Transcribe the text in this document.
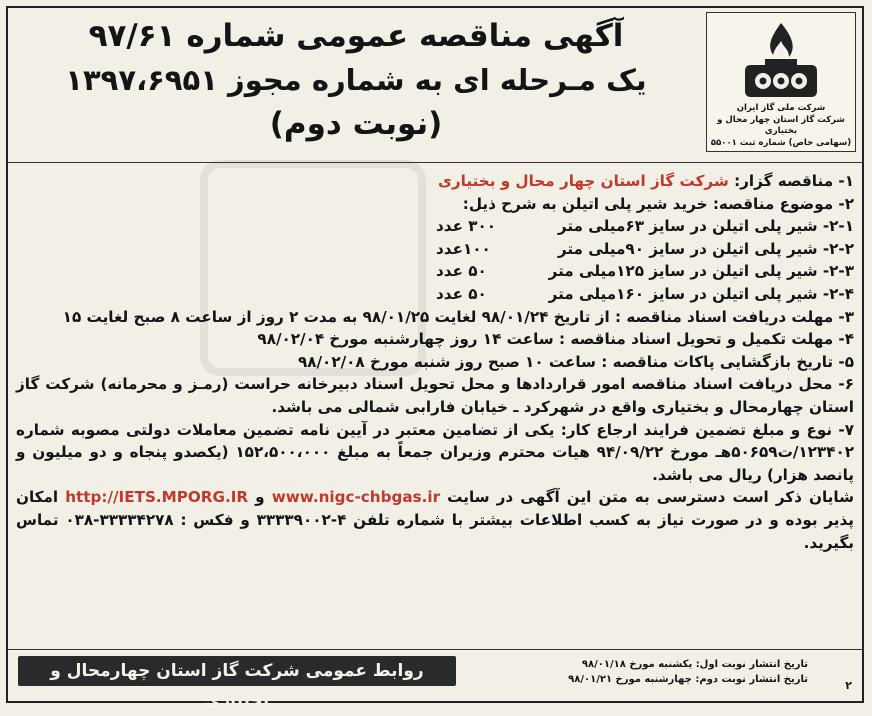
شرکت ملی گاز ایران
شرکت گاز استان چهار محال و بختیاری
(سهامی خاص) شماره ثبت ۵۵۰۰۱
آگهی مناقصه عمومی شماره ۹۷/۶۱
یک مـرحله ای به شماره مجوز ۱۳۹۷،۶۹۵۱
(نوبت دوم)
۱- مناقصه گزار: شرکت گاز استان چهار محال و بختیاری
۲- موضوع مناقصه: خرید شیر پلی اتیلن به شرح ذیل:
۲-۱- شیر پلی اتیلن در سایز ۶۳میلی متر
۳۰۰ عدد
۲-۲- شیر پلی اتیلن در سایز ۹۰میلی متر
۱۰۰عدد
۲-۳- شیر پلی اتیلن در سایز ۱۲۵میلی متر
۵۰ عدد
۲-۴- شیر پلی اتیلن در سایز ۱۶۰میلی متر
۵۰ عدد
۳- مهلت دریافت اسناد مناقصه : از تاریخ ۹۸/۰۱/۲۴ لغایت ۹۸/۰۱/۲۵ به مدت ۲ روز از ساعت ۸ صبح لغایت ۱۵
۴- مهلت تکمیل و تحویل اسناد مناقصه : ساعت ۱۴ روز چهارشنبه مورخ ۹۸/۰۲/۰۴
۵- تاریخ بازگشایی پاکات مناقصه : ساعت ۱۰ صبح روز شنبه مورخ ۹۸/۰۲/۰۸
۶- محل دریافت اسناد مناقصه امور قراردادها و محل تحویل اسناد دبیرخانه حراست (رمـز و محرمانه) شرکت گاز استان چهارمحال و بختیاری واقع در شهرکرد ـ خیابان فارابی شمالی می باشد.
۷- نوع و مبلغ تضمین فرایند ارجاع کار: یکی از تضامین معتبر در آیین نامه تضمین معاملات دولتی مصوبه شماره ۱۲۳۴۰۲/ت۵۰۶۵۹هـ مورخ ۹۴/۰۹/۲۲ هیات محترم وزیران جمعاً به مبلغ ۱۵۲،۵۰۰،۰۰۰ (یکصدو پنجاه و دو میلیون و پانصد هزار) ریال می باشد.
شایان ذکر است دسترسی به متن این آگهی در سایت www.nigc-chbgas.ir و http://IETS.MPORG.IR امکان پذیر بوده و در صورت نیاز به کسب اطلاعات بیشتر با شماره تلفن ۴-۳۳۳۳۹۰۰۲ و فکس : ۳۳۳۳۴۲۷۸-۰۳۸ تماس بگیرید.
روابط عمومی شرکت گاز استان چهارمحال و بختیاری
تاریخ انتشار نوبت اول: یکشنبه مورخ ۹۸/۰۱/۱۸
تاریخ انتشار نوبت دوم: چهارشنبه مورخ ۹۸/۰۱/۲۱	۲
